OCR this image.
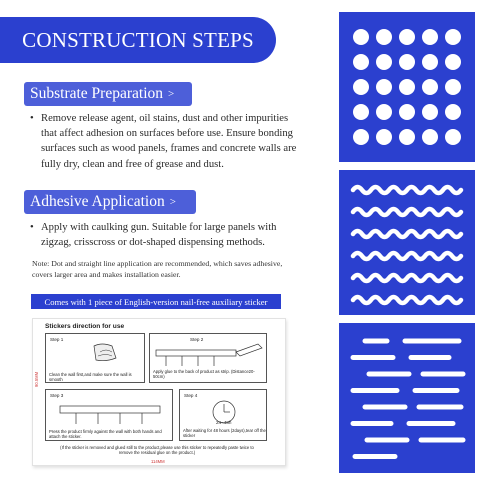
CONSTRUCTION STEPS
Substrate Preparation >
• Remove release agent, oil stains, dust and other impurities that affect adhesion on surfaces before use. Ensure bonding surfaces such as wood panels, frames and concrete walls are fully dry, clean and free of grease and dust.
Adhesive Application >
• Apply with caulking gun. Suitable for large panels with zigzag, crisscross or dot-shaped dispensing methods.
Note: Dot and straight line application are recommended, which saves adhesive, covers larger area and makes installation easier.
Comes with 1 piece of English-version nail-free auxiliary sticker
Stickers direction for use
Step 1
Clean the wall first,and make sure the wall is smooth
Step 2
Apply glue to the back of product as strip. (Distance20-50cm)
Step 3
Press the product firmly against the wall with both hands and attach the sticker.
Step 4
24~48h
After waiting for 48 hours (2days),tear off the sticker
(If the sticker is removed and glued still to the product,please use this sticker to repeatedly paste twice to remove the residual glue on the product.)
114MM
90.5MM
